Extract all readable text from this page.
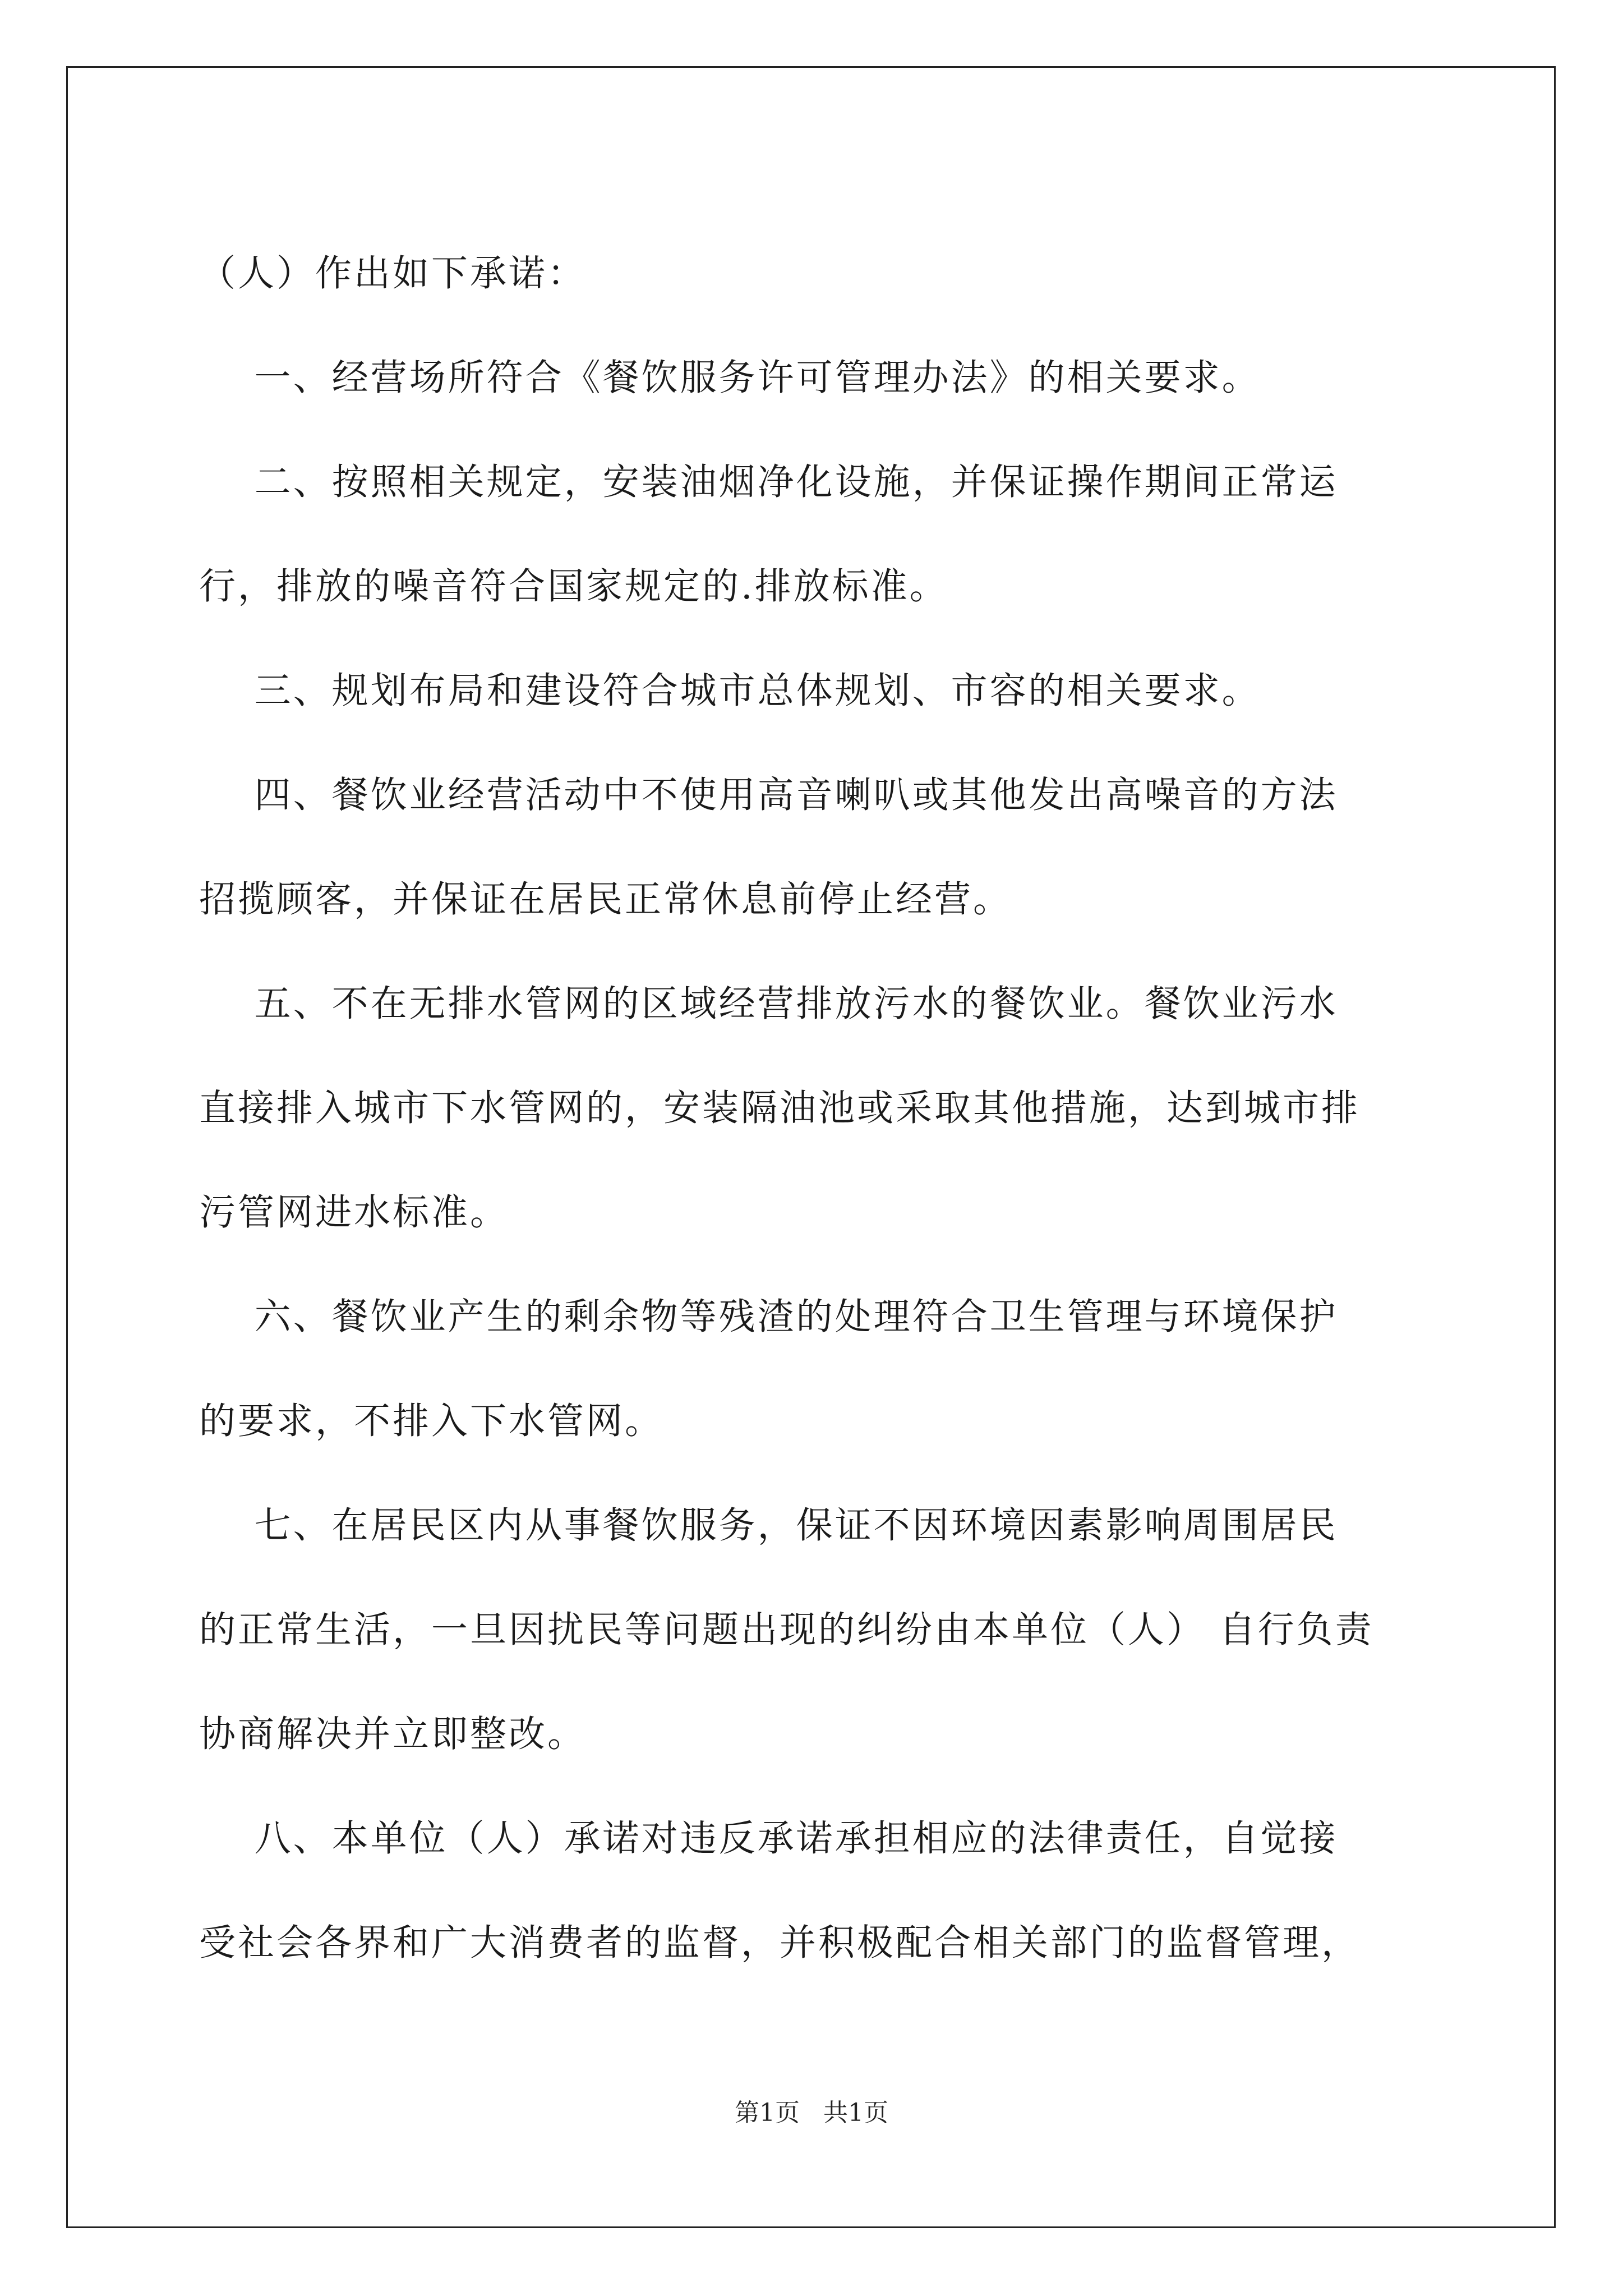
（人）作出如下承诺：

一、经营场所符合《餐饮服务许可管理办法》的相关要求。

二、按照相关规定，安装油烟净化设施，并保证操作期间正常运

行，排放的噪音符合国家规定的.排放标准。

三、规划布局和建设符合城市总体规划、市容的相关要求。

四、餐饮业经营活动中不使用高音喇叭或其他发出高噪音的方法

招揽顾客，并保证在居民正常休息前停止经营。

五、不在无排水管网的区域经营排放污水的餐饮业。餐饮业污水

直接排入城市下水管网的，安装隔油池或采取其他措施，达到城市排

污管网进水标准。

六、餐饮业产生的剩余物等残渣的处理符合卫生管理与环境保护

的要求，不排入下水管网。

七、在居民区内从事餐饮服务，保证不因环境因素影响周围居民

的正常生活，一旦因扰民等问题出现的纠纷由本单位（人） 自行负责

协商解决并立即整改。

八、本单位（人）承诺对违反承诺承担相应的法律责任，自觉接

受社会各界和广大消费者的监督，并积极配合相关部门的监督管理，

第1页   共1页
